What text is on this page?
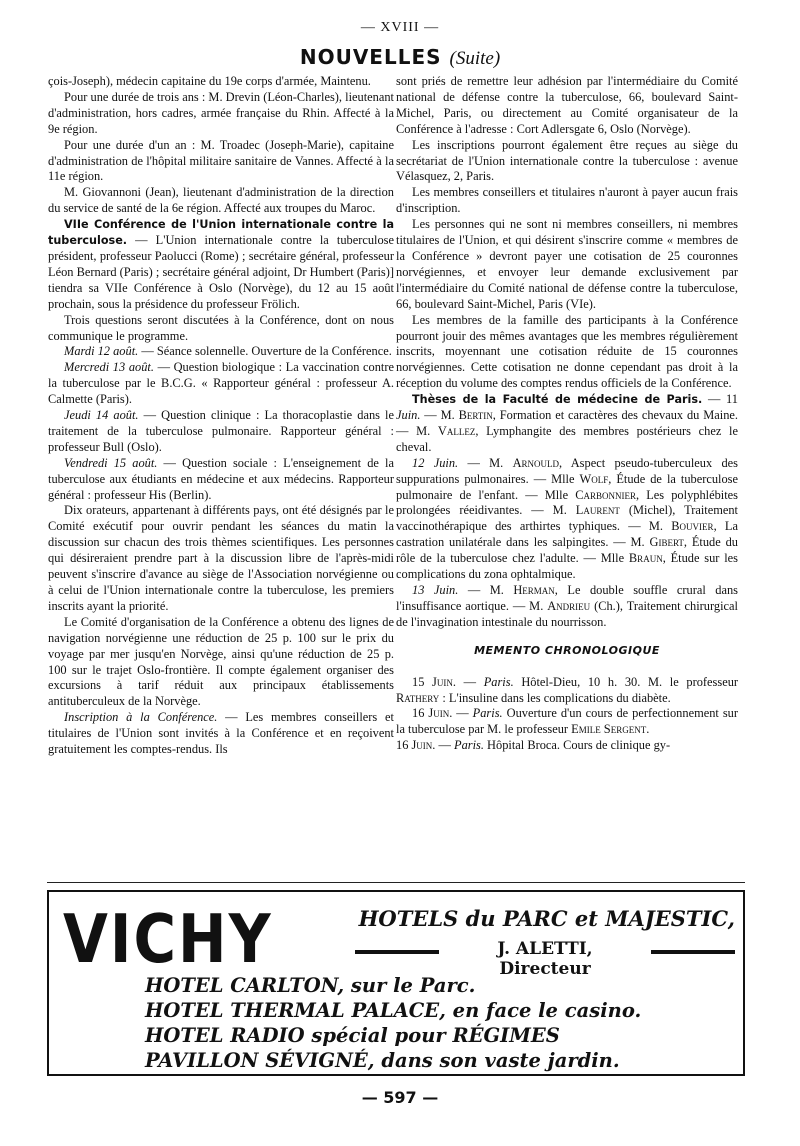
— XVIII —
NOUVELLES (Suite)

çois-Joseph), médecin capitaine du 19e corps d'armée, Maintenu.

Pour une durée de trois ans : M. Drevin (Léon-Charles), lieutenant d'administration, hors cadres, armée française du Rhin. Affecté à la 9e région.

Pour une durée d'un an : M. Troadec (Joseph-Marie), capitaine d'administration de l'hôpital militaire sanitaire de Vannes. Affecté à la 11e région.

M. Giovannoni (Jean), lieutenant d'administration de la direction du service de santé de la 6e région. Affecté aux troupes du Maroc.

VIIe Conférence de l'Union internationale contre la tuberculose. — L'Union internationale contre la tuberculose président, professeur Paolucci (Rome) ; secrétaire général, professeur Léon Bernard (Paris) ; secrétaire général adjoint, Dr Humbert (Paris)] tiendra sa VIIe Conférence à Oslo (Norvège), du 12 au 15 août prochain, sous la présidence du professeur Frölich.

Trois questions seront discutées à la Conférence, dont on nous communique le programme.

Mardi 12 août. — Séance solennelle. Ouverture de la Conférence.

Mercredi 13 août. — Question biologique : La vaccination contre la tuberculose par le B.C.G. « Rapporteur général : professeur A. Calmette (Paris).

Jeudi 14 août. — Question clinique : La thoracoplastie dans le traitement de la tuberculose pulmonaire. Rapporteur général : professeur Bull (Oslo).

Vendredi 15 août. — Question sociale : L'enseignement de la tuberculose aux étudiants en médecine et aux médecins. Rapporteur général : professeur His (Berlin).

Dix orateurs, appartenant à différents pays, ont été désignés par le Comité exécutif pour ouvrir pendant les séances du matin la discussion sur chacun des trois thèmes scientifiques. Les personnes qui désireraient prendre part à la discussion libre de l'après-midi peuvent s'inscrire d'avance au siège de l'Association norvégienne ou à celui de l'Union internationale contre la tuberculose, les premiers inscrits ayant la priorité.

Le Comité d'organisation de la Conférence a obtenu des lignes de navigation norvégienne une réduction de 25 p. 100 sur le prix du voyage par mer jusqu'en Norvège, ainsi qu'une réduction de 25 p. 100 sur le trajet Oslo-frontière. Il compte également organiser des excursions à tarif réduit aux principaux établissements antituberculeux de la Norvège.

Inscription à la Conférence. — Les membres conseillers et titulaires de l'Union sont invités à la Conférence et en reçoivent gratuitement les comptes-rendus. Ils

sont priés de remettre leur adhésion par l'intermédiaire du Comité national de défense contre la tuberculose, 66, boulevard Saint-Michel, Paris, ou directement au Comité organisateur de la Conférence à l'adresse : Cort Adlersgate 6, Oslo (Norvège).

Les inscriptions pourront également être reçues au siège du secrétariat de l'Union internationale contre la tuberculose : avenue Vélasquez, 2, Paris.

Les membres conseillers et titulaires n'auront à payer aucun frais d'inscription.

Les personnes qui ne sont ni membres conseillers, ni membres titulaires de l'Union, et qui désirent s'inscrire comme « membres de la Conférence » devront payer une cotisation de 25 couronnes norvégiennes, et envoyer leur demande exclusivement par l'intermédiaire du Comité national de défense contre la tuberculose, 66, boulevard Saint-Michel, Paris (VIe).

Les membres de la famille des participants à la Conférence pourront jouir des mêmes avantages que les membres régulièrement inscrits, moyennant une cotisation réduite de 15 couronnes norvégiennes. Cette cotisation ne donne cependant pas droit à la réception du volume des comptes rendus officiels de la Conférence.

Thèses de la Faculté de médecine de Paris. — 11 Juin. — M. Bertin, Formation et caractères des chevaux du Maine. — M. Vallez, Lymphangite des membres postérieurs chez le cheval.

12 Juin. — M. Arnould, Aspect pseudo-tuberculeux des suppurations pulmonaires. — Mlle Wolf, Étude de la tuberculose pulmonaire de l'enfant. — Mlle Carbonnier, Les polyphlébites prolongées réeidivantes. — M. Laurent (Michel), Traitement vaccinothérapique des arthirtes typhiques. — M. Bouvier, La castration unilatérale dans les salpingites. — M. Gibert, Étude du rôle de la tuberculose chez l'adulte. — Mlle Braun, Étude sur les complications du zona ophtalmique.

13 Juin. — M. Herman, Le double souffle crural dans l'insuffisance aortique. — M. Andrieu (Ch.), Traitement chirurgical de l'invagination intestinale du nourrisson.

MEMENTO CHRONOLOGIQUE

15 Juin. — Paris. Hôtel-Dieu, 10 h. 30. M. le professeur Rathery : L'insuline dans les complications du diabète.

16 Juin. — Paris. Ouverture d'un cours de perfectionnement sur la tuberculose par M. le professeur Emile Sergent.

16 Juin. — Paris. Hôpital Broca. Cours de clinique gy-

VICHY	HOTELS du PARC et MAJESTIC,
J. ALETTI, Directeur
HOTEL CARLTON, sur le Parc.
HOTEL THERMAL PALACE, en face le casino.
HOTEL RADIO spécial pour RÉGIMES
PAVILLON SÉVIGNÉ, dans son vaste jardin.
— 597 —
